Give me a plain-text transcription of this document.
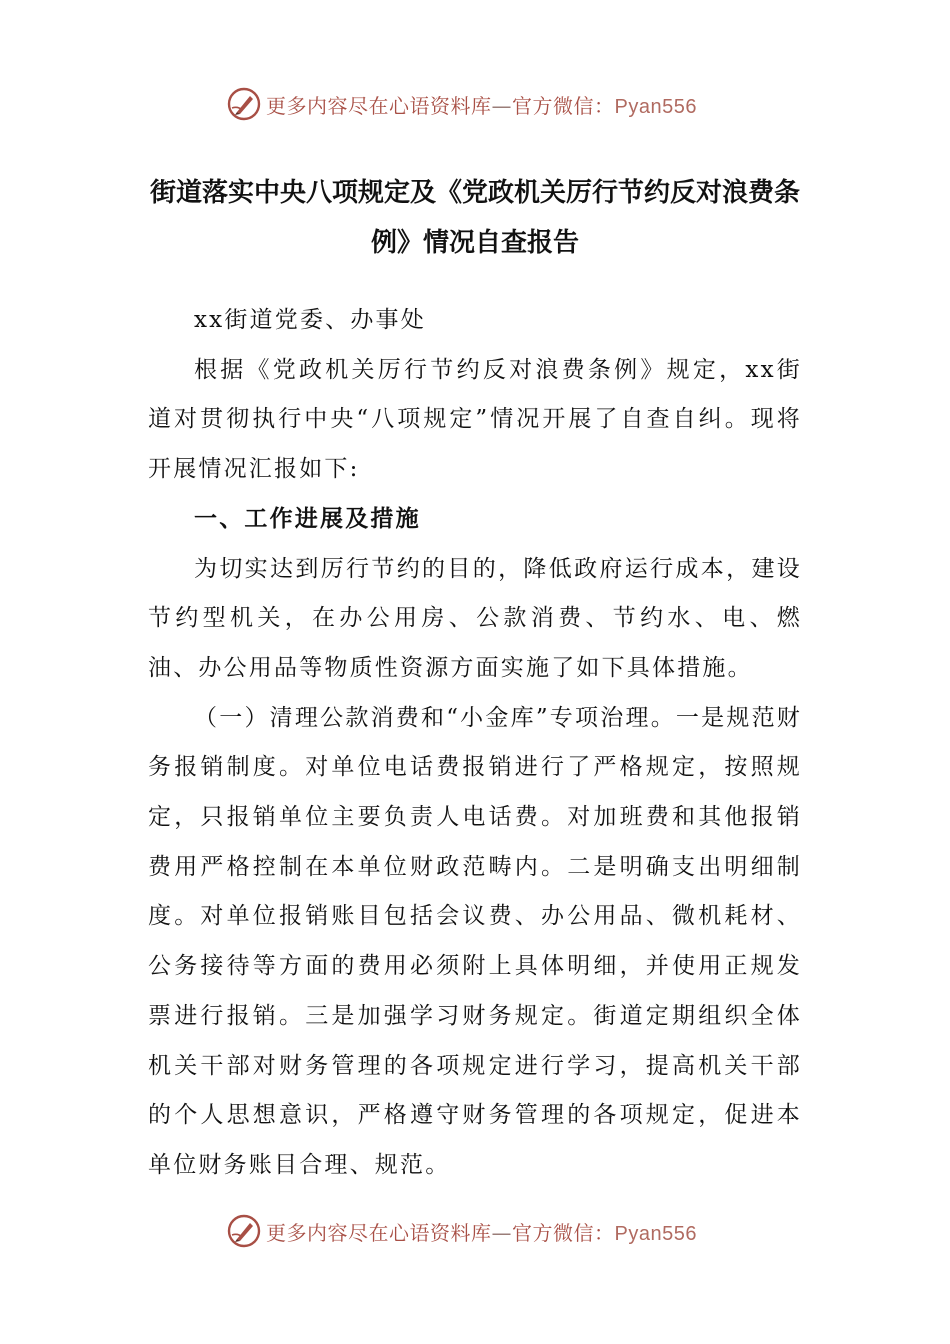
更多内容尽在心语资料库—官方微信：Pyan556
街道落实中央八项规定及《党政机关厉行节约反对浪费条
例》情况自查报告

xx街道党委、办事处

根据《党政机关厉行节约反对浪费条例》规定，xx街道对贯彻执行中央“八项规定”情况开展了自查自纠。现将开展情况汇报如下:

一、工作进展及措施

为切实达到厉行节约的目的，降低政府运行成本，建设节约型机关，在办公用房、公款消费、节约水、电、燃油、办公用品等物质性资源方面实施了如下具体措施。

（一）清理公款消费和“小金库”专项治理。一是规范财务报销制度。对单位电话费报销进行了严格规定，按照规定，只报销单位主要负责人电话费。对加班费和其他报销费用严格控制在本单位财政范畴内。二是明确支出明细制度。对单位报销账目包括会议费、办公用品、微机耗材、公务接待等方面的费用必须附上具体明细，并使用正规发票进行报销。三是加强学习财务规定。街道定期组织全体机关干部对财务管理的各项规定进行学习，提高机关干部的个人思想意识，严格遵守财务管理的各项规定，促进本单位财务账目合理、规范。

更多内容尽在心语资料库—官方微信：Pyan556
